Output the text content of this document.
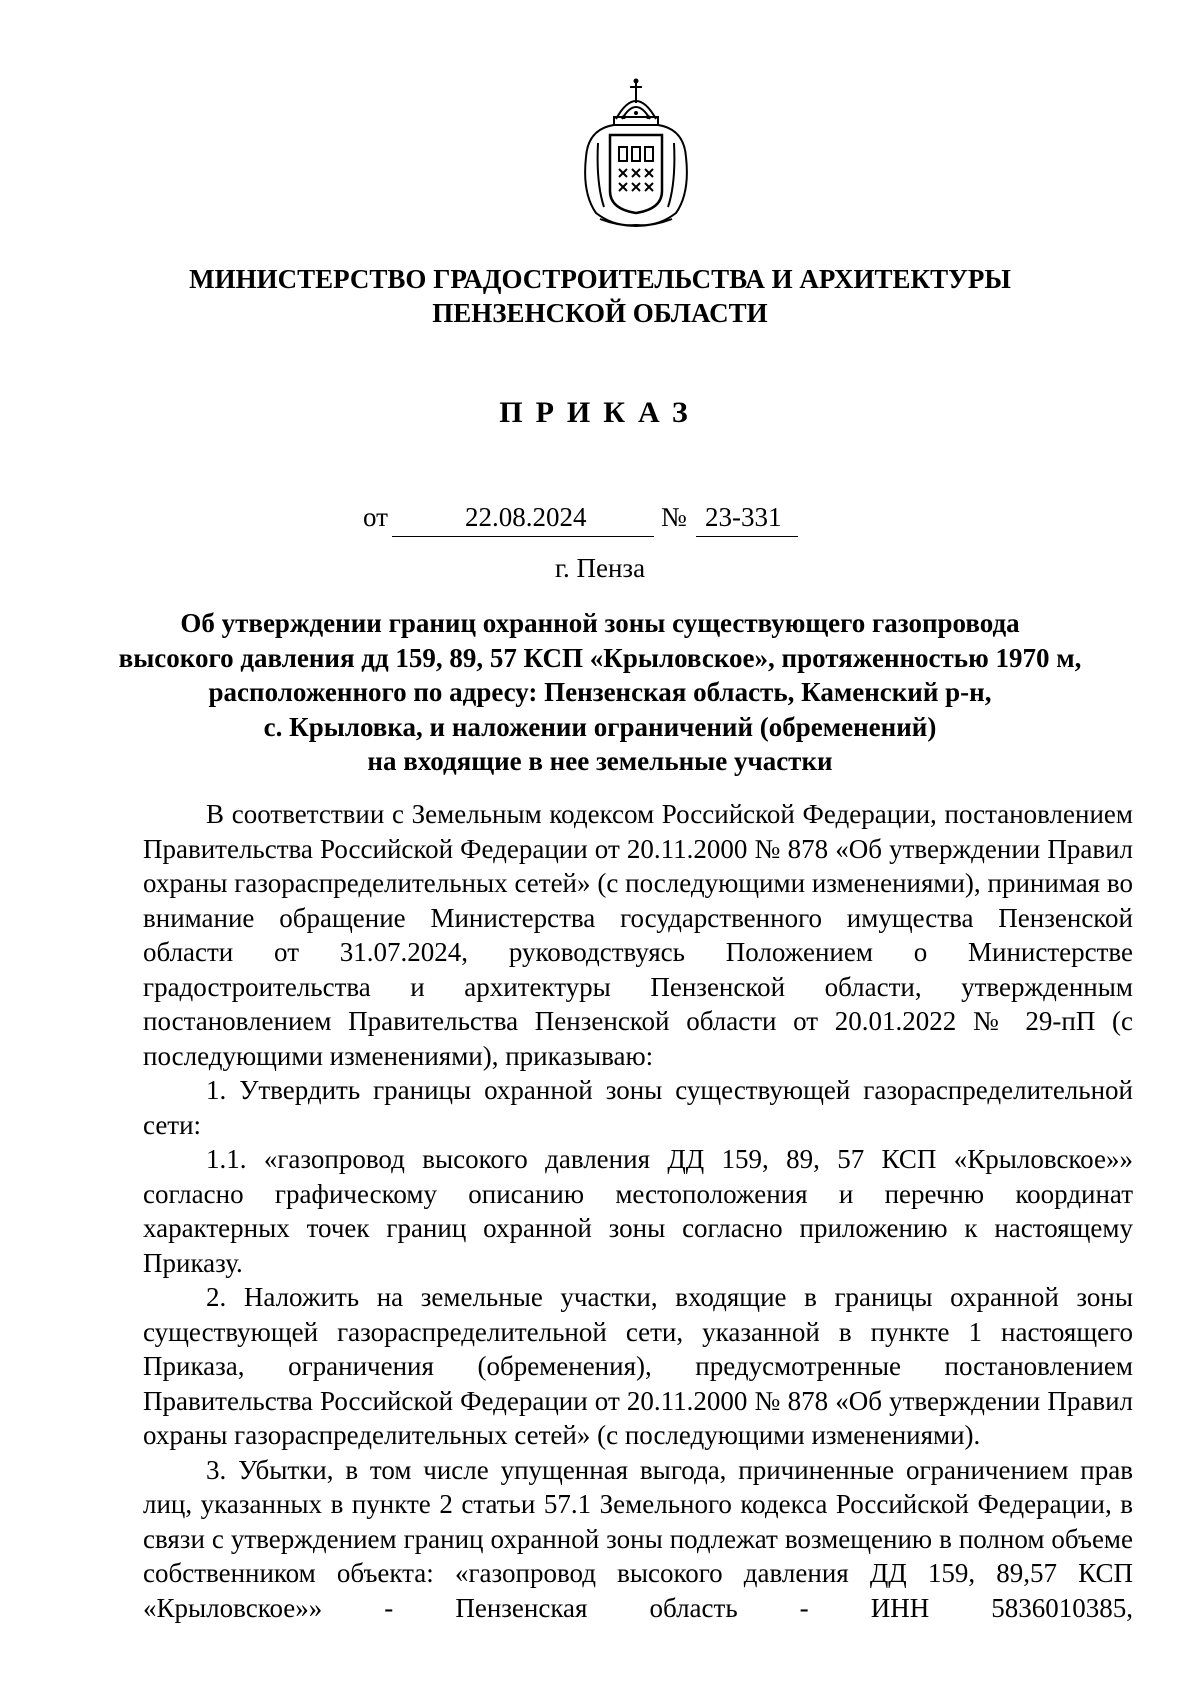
МИНИСТЕРСТВО ГРАДОСТРОИТЕЛЬСТВА И АРХИТЕКТУРЫ
ПЕНЗЕНСКОЙ ОБЛАСТИ
ПРИКАЗ
от	22.08.2024	№ 23-331
г. Пенза
Об утверждении границ охранной зоны существующего газопровода
высокого давления дд 159, 89, 57 КСП «Крыловское», протяженностью 1970 м,
расположенного по адресу: Пензенская область, Каменский р-н,
с. Крыловка, и наложении ограничений (обременений)
на входящие в нее земельные участки
В соответствии с Земельным кодексом Российской Федерации, постановлением Правительства Российской Федерации от 20.11.2000 № 878 «Об утверждении Правил охраны газораспределительных сетей» (с последующими изменениями), принимая во внимание обращение Министерства государственного имущества Пензенской области от 31.07.2024, руководствуясь Положением о Министерстве градостроительства и архитектуры Пензенской области, утвержденным постановлением Правительства Пензенской области от 20.01.2022 № 29-пП (с последующими изменениями), приказываю:
1. Утвердить границы охранной зоны существующей газораспределительной сети:
1.1. «газопровод высокого давления ДД 159, 89, 57 КСП «Крыловское»» согласно графическому описанию местоположения и перечню координат характерных точек границ охранной зоны согласно приложению к настоящему Приказу.
2. Наложить на земельные участки, входящие в границы охранной зоны существующей газораспределительной сети, указанной в пункте 1 настоящего Приказа, ограничения (обременения), предусмотренные постановлением Правительства Российской Федерации от 20.11.2000 № 878 «Об утверждении Правил охраны газораспределительных сетей» (с последующими изменениями).
3. Убытки, в том числе упущенная выгода, причиненные ограничением прав лиц, указанных в пункте 2 статьи 57.1 Земельного кодекса Российской Федерации, в связи с утверждением границ охранной зоны подлежат возмещению в полном объеме собственником объекта: «газопровод высокого давления ДД 159, 89,57 КСП «Крыловское»» - Пензенская область - ИНН 5836010385,
